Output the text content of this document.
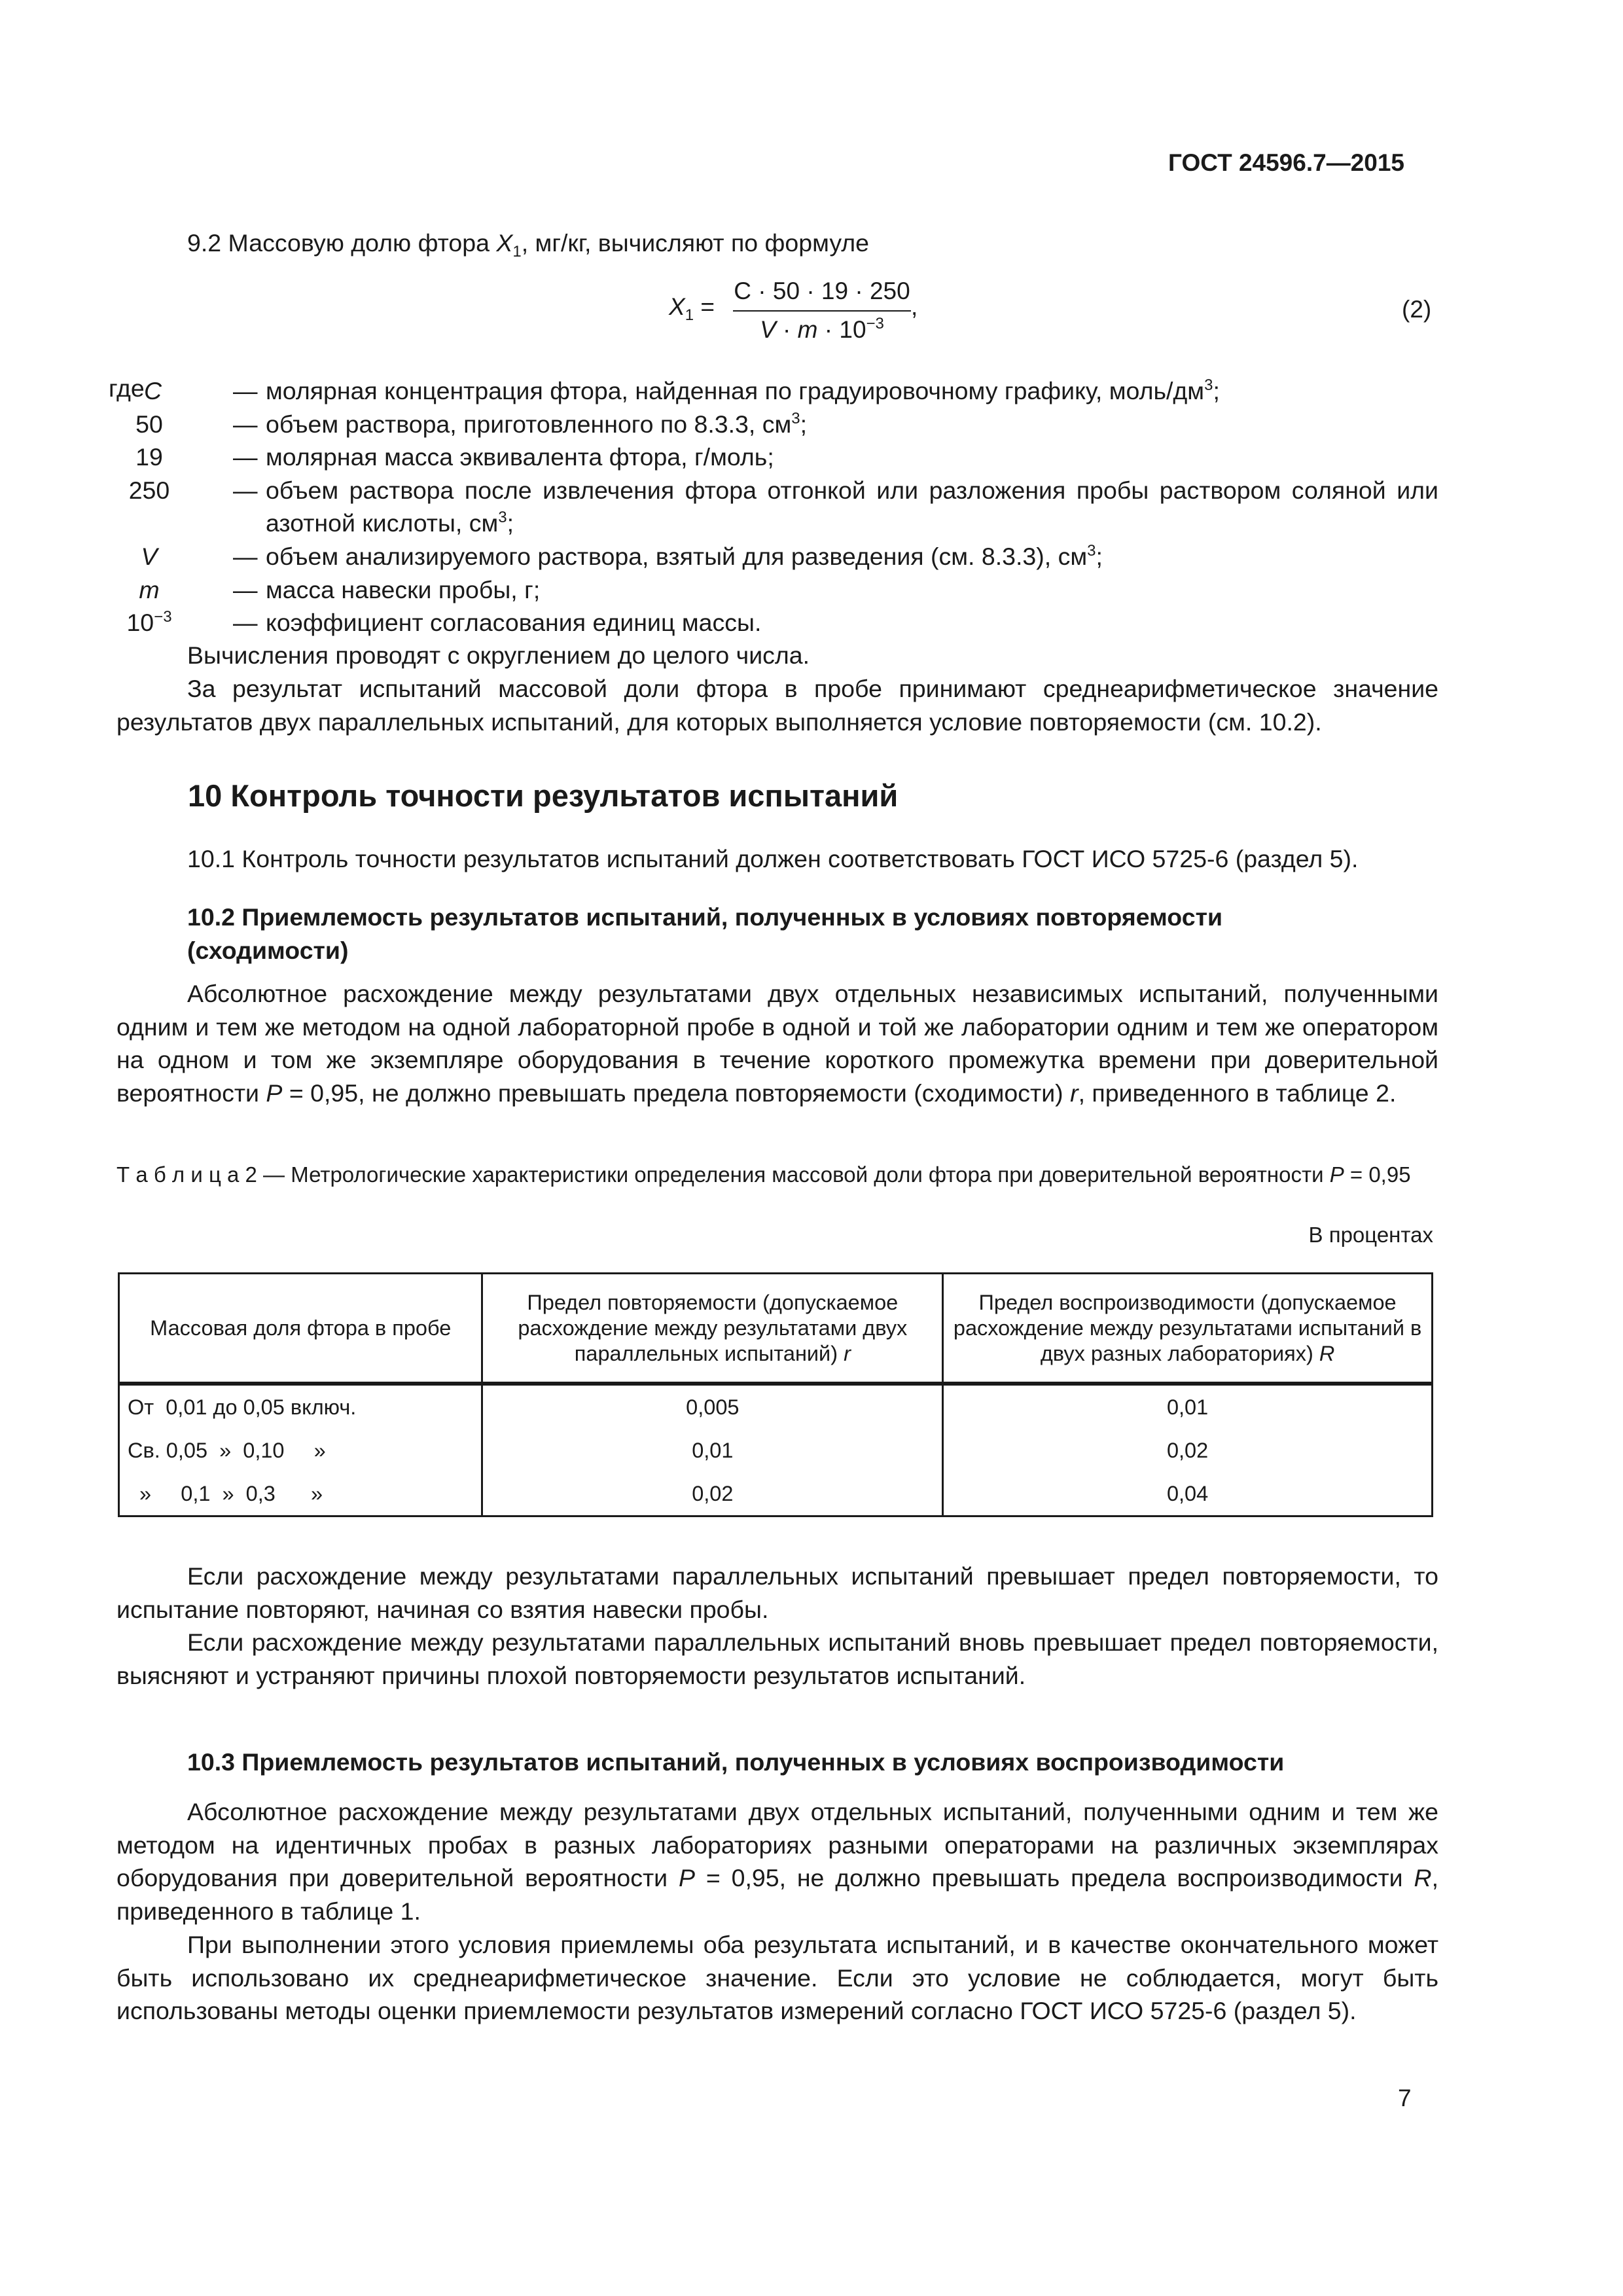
ГОСТ 24596.7—2015

9.2 Массовую долю фтора $X_1$, мг/кг, вычисляют по формуле

$X_1$ =
C · 50 · 19 · 250
$V \cdot m \cdot 10^{-3}$
,	(2)
где C	— молярная концентрация фтора, найденная по градуировочному графику, моль/$дм^3$;
50	— объем раствора, приготовленного по 8.3.3, $см^3$;
19	— молярная масса эквивалента фтора, г/моль;
250	— объем раствора после извлечения фтора отгонкой или разложения пробы раствором соляной или азотной кислоты, $см^3$;
V	— объем анализируемого раствора, взятый для разведения (см. 8.3.3), $см^3$;
m	— масса навески пробы, г;
$10^{-3}$	— коэффициент согласования единиц массы.

Вычисления проводят с округлением до целого числа.

За результат испытаний массовой доли фтора в пробе принимают среднеарифметическое значение результатов двух параллельных испытаний, для которых выполняется условие повторяемости (см. 10.2).

10 Контроль точности результатов испытаний

10.1 Контроль точности результатов испытаний должен соответствовать ГОСТ ИСО 5725-6 (раздел 5).

10.2 Приемлемость результатов испытаний, полученных в условиях повторяемости (сходимости)

Абсолютное расхождение между результатами двух отдельных независимых испытаний, полученными одним и тем же методом на одной лабораторной пробе в одной и той же лаборатории одним и тем же оператором на одном и том же экземпляре оборудования в течение короткого промежутка времени при доверительной вероятности P = 0,95, не должно превышать предела повторяемости (сходимости) r, приведенного в таблице 2.

Т а б л и ц а 2 — Метрологические характеристики определения массовой доли фтора при доверительной вероятности P = 0,95

В процентах
Массовая доля фтора в пробе	Предел повторяемости (допускаемое расхождение между результатами двух параллельных испытаний) r	Предел воспроизводимости (допускаемое расхождение между результатами испытаний в двух разных лабораториях) R
От  0,01 до 0,05 включ.	0,005	0,01
Св. 0,05  »  0,10     »	0,01	0,02
»     0,1  »  0,3      »	0,02	0,04

Если расхождение между результатами параллельных испытаний превышает предел повторяемости, то испытание повторяют, начиная со взятия навески пробы.

Если расхождение между результатами параллельных испытаний вновь превышает предел повторяемости, выясняют и устраняют причины плохой повторяемости результатов испытаний.

10.3 Приемлемость результатов испытаний, полученных в условиях воспроизводимости

Абсолютное расхождение между результатами двух отдельных испытаний, полученными одним и тем же методом на идентичных пробах в разных лабораториях разными операторами на различных экземплярах оборудования при доверительной вероятности P = 0,95, не должно превышать предела воспроизводимости R, приведенного в таблице 1.

При выполнении этого условия приемлемы оба результата испытаний, и в качестве окончательного может быть использовано их среднеарифметическое значение. Если это условие не соблюдается, могут быть использованы методы оценки приемлемости результатов измерений согласно ГОСТ ИСО 5725-6 (раздел 5).

7
